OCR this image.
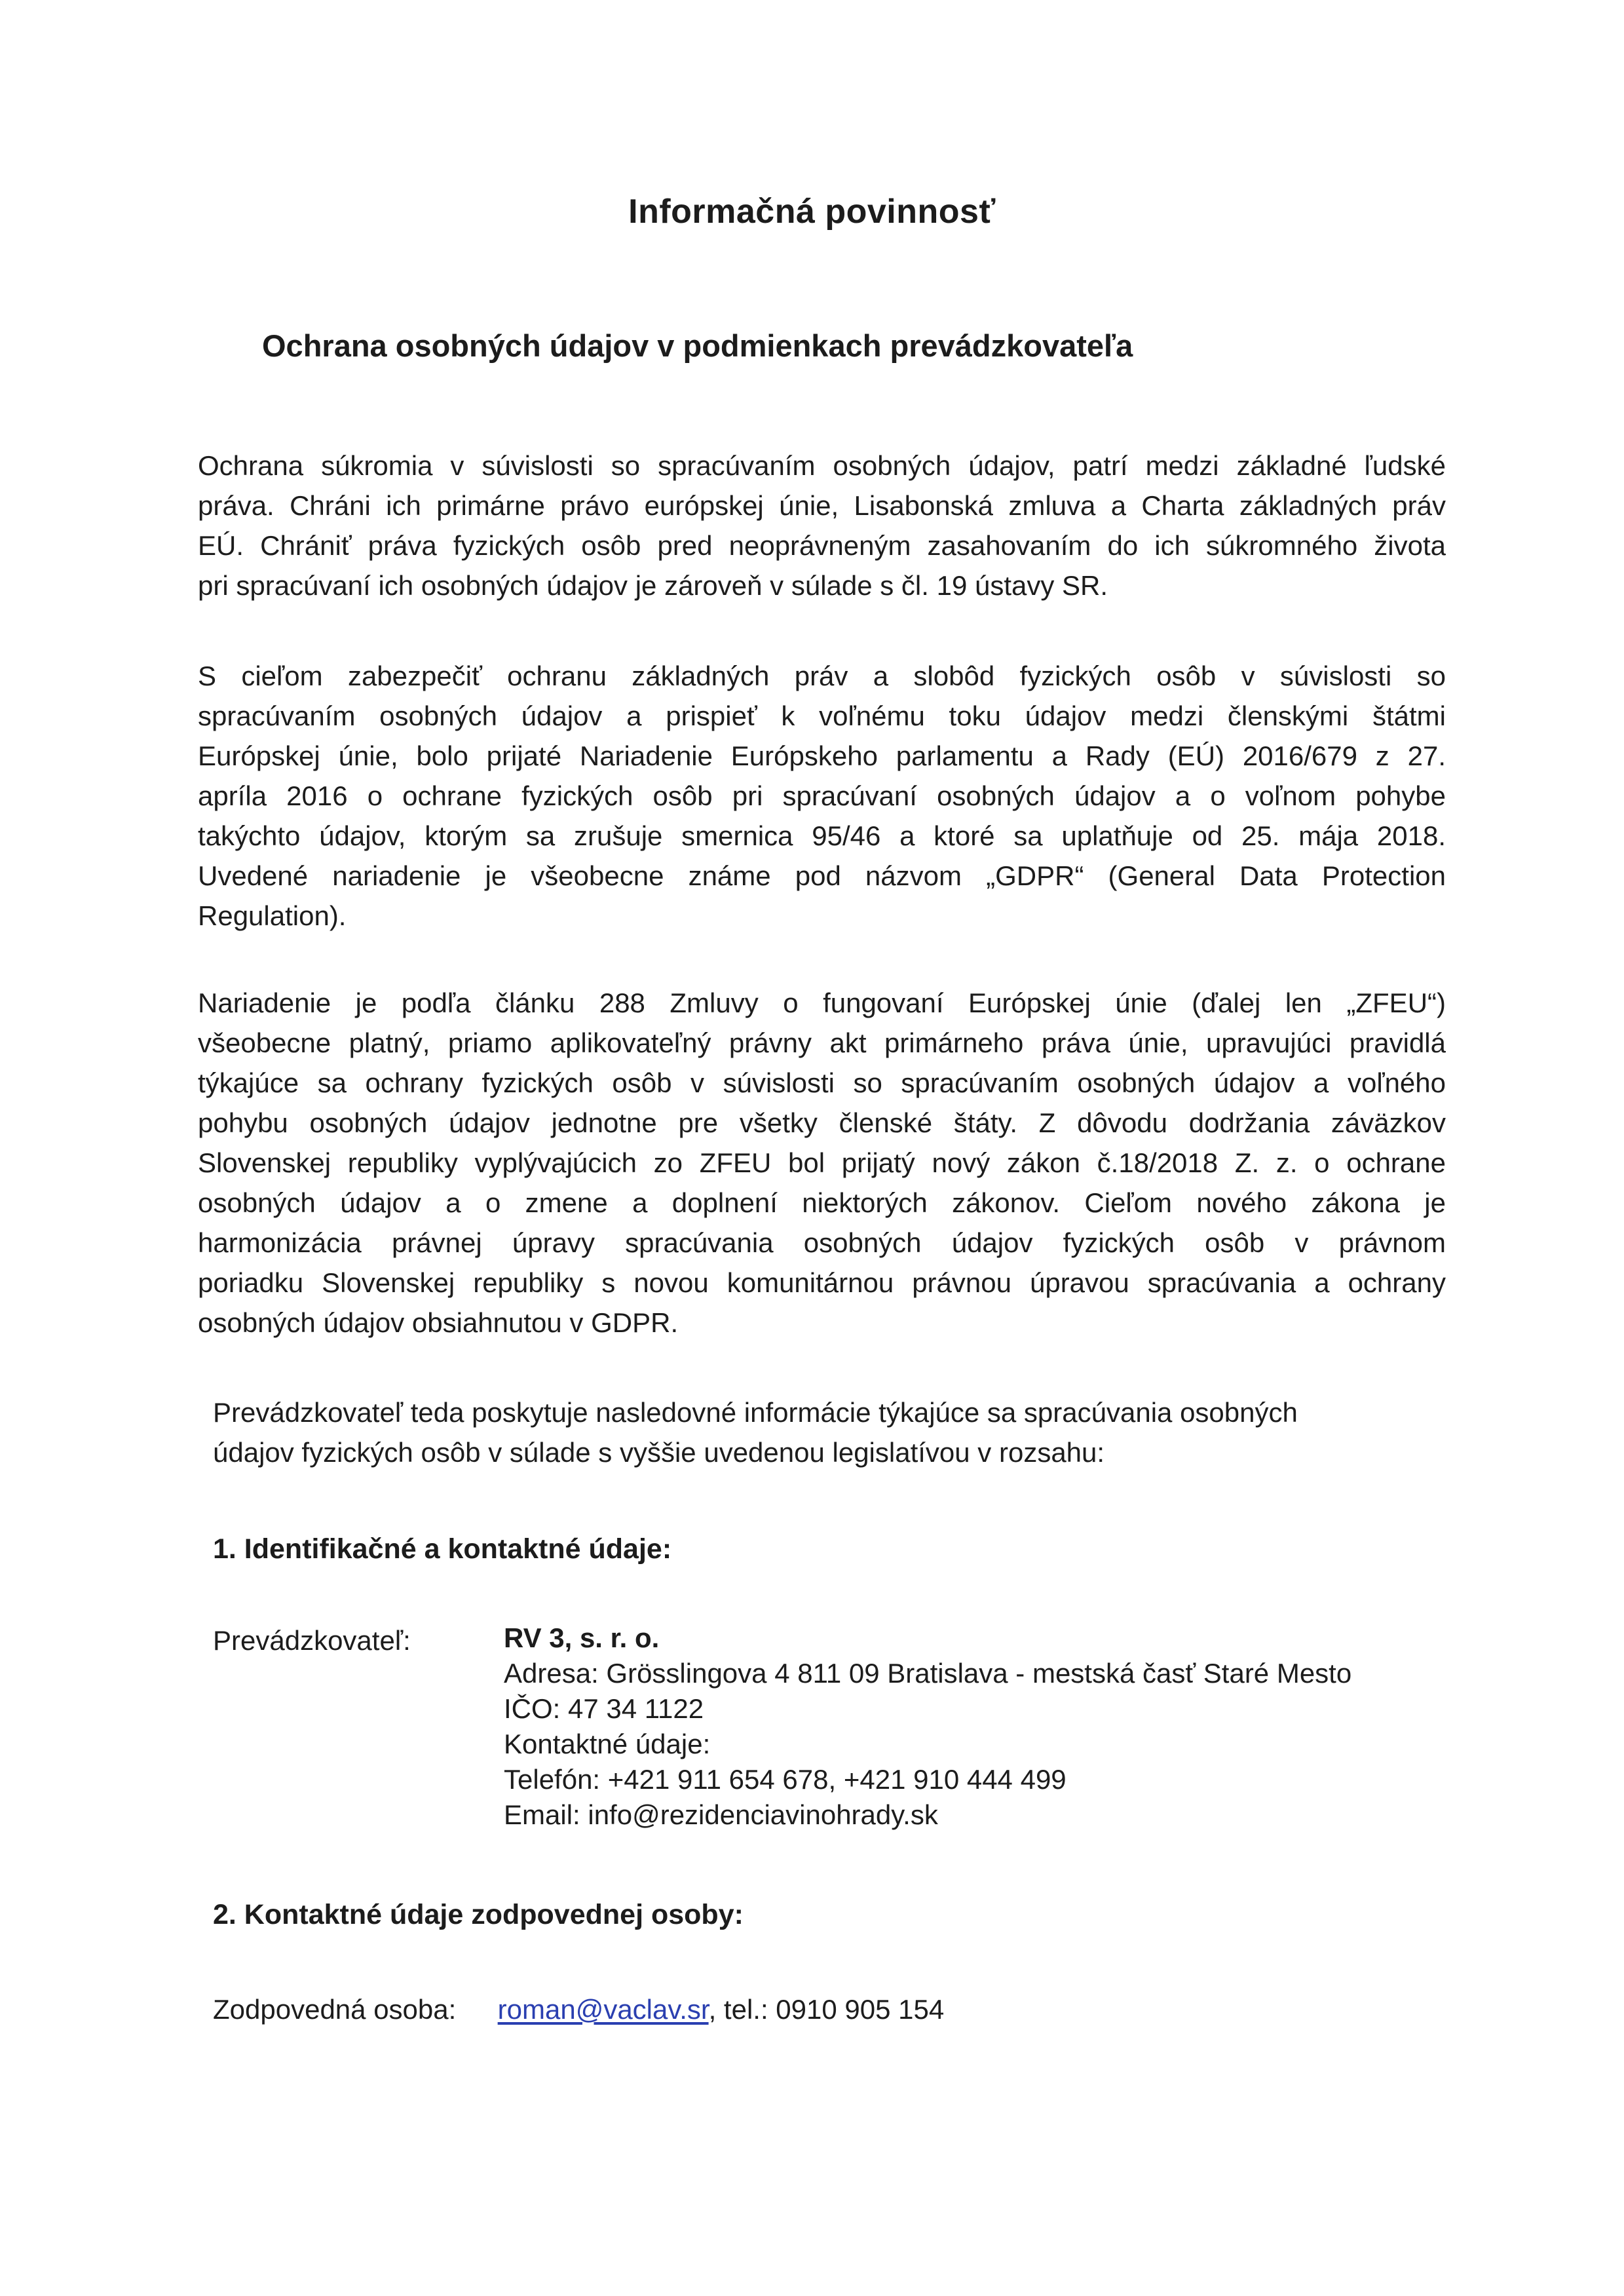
Informačná povinnosť
Ochrana osobných údajov v podmienkach prevádzkovateľa
Ochrana súkromia v súvislosti so spracúvaním osobných údajov, patrí medzi základné ľudské
práva. Chráni ich primárne právo európskej únie, Lisabonská zmluva a Charta základných práv
EÚ. Chrániť práva fyzických osôb pred neoprávneným zasahovaním do ich súkromného života
pri spracúvaní ich osobných údajov je zároveň v súlade s čl. 19 ústavy SR.
S cieľom zabezpečiť ochranu základných práv a slobôd fyzických osôb v súvislosti so
spracúvaním osobných údajov a prispieť k voľnému toku údajov medzi členskými štátmi
Európskej únie, bolo prijaté Nariadenie Európskeho parlamentu a Rady (EÚ) 2016/679 z 27.
apríla 2016 o ochrane fyzických osôb pri spracúvaní osobných údajov a o voľnom pohybe
takýchto údajov, ktorým sa zrušuje smernica 95/46 a ktoré sa uplatňuje od 25. mája 2018.
Uvedené nariadenie je všeobecne známe pod názvom „GDPR“ (General Data Protection
Regulation).
Nariadenie je podľa článku 288 Zmluvy o fungovaní Európskej únie (ďalej len „ZFEU“)
všeobecne platný, priamo aplikovateľný právny akt primárneho práva únie, upravujúci pravidlá
týkajúce sa ochrany fyzických osôb v súvislosti so spracúvaním osobných údajov a voľného
pohybu osobných údajov jednotne pre všetky členské štáty. Z dôvodu dodržania záväzkov
Slovenskej republiky vyplývajúcich zo ZFEU bol prijatý nový zákon č.18/2018 Z. z. o ochrane
osobných údajov a o zmene a doplnení niektorých zákonov. Cieľom nového zákona je
harmonizácia právnej úpravy spracúvania osobných údajov fyzických osôb v právnom
poriadku Slovenskej republiky s novou komunitárnou právnou úpravou spracúvania a ochrany
osobných údajov obsiahnutou v GDPR.
Prevádzkovateľ teda poskytuje nasledovné informácie týkajúce sa spracúvania osobných
údajov fyzických osôb v súlade s vyššie uvedenou legislatívou v rozsahu:
1. Identifikačné a kontaktné údaje:
Prevádzkovateľ:	RV 3, s. r. o.
Adresa: Grösslingova 4 811 09 Bratislava - mestská časť Staré Mesto
IČO: 47 34 1122
Kontaktné údaje:
Telefón: +421 911 654 678, +421 910 444 499
Email: info@rezidenciavinohrady.sk
2. Kontaktné údaje zodpovednej osoby:
Zodpovedná osoba: roman@vaclav.sr, tel.: 0910 905 154
